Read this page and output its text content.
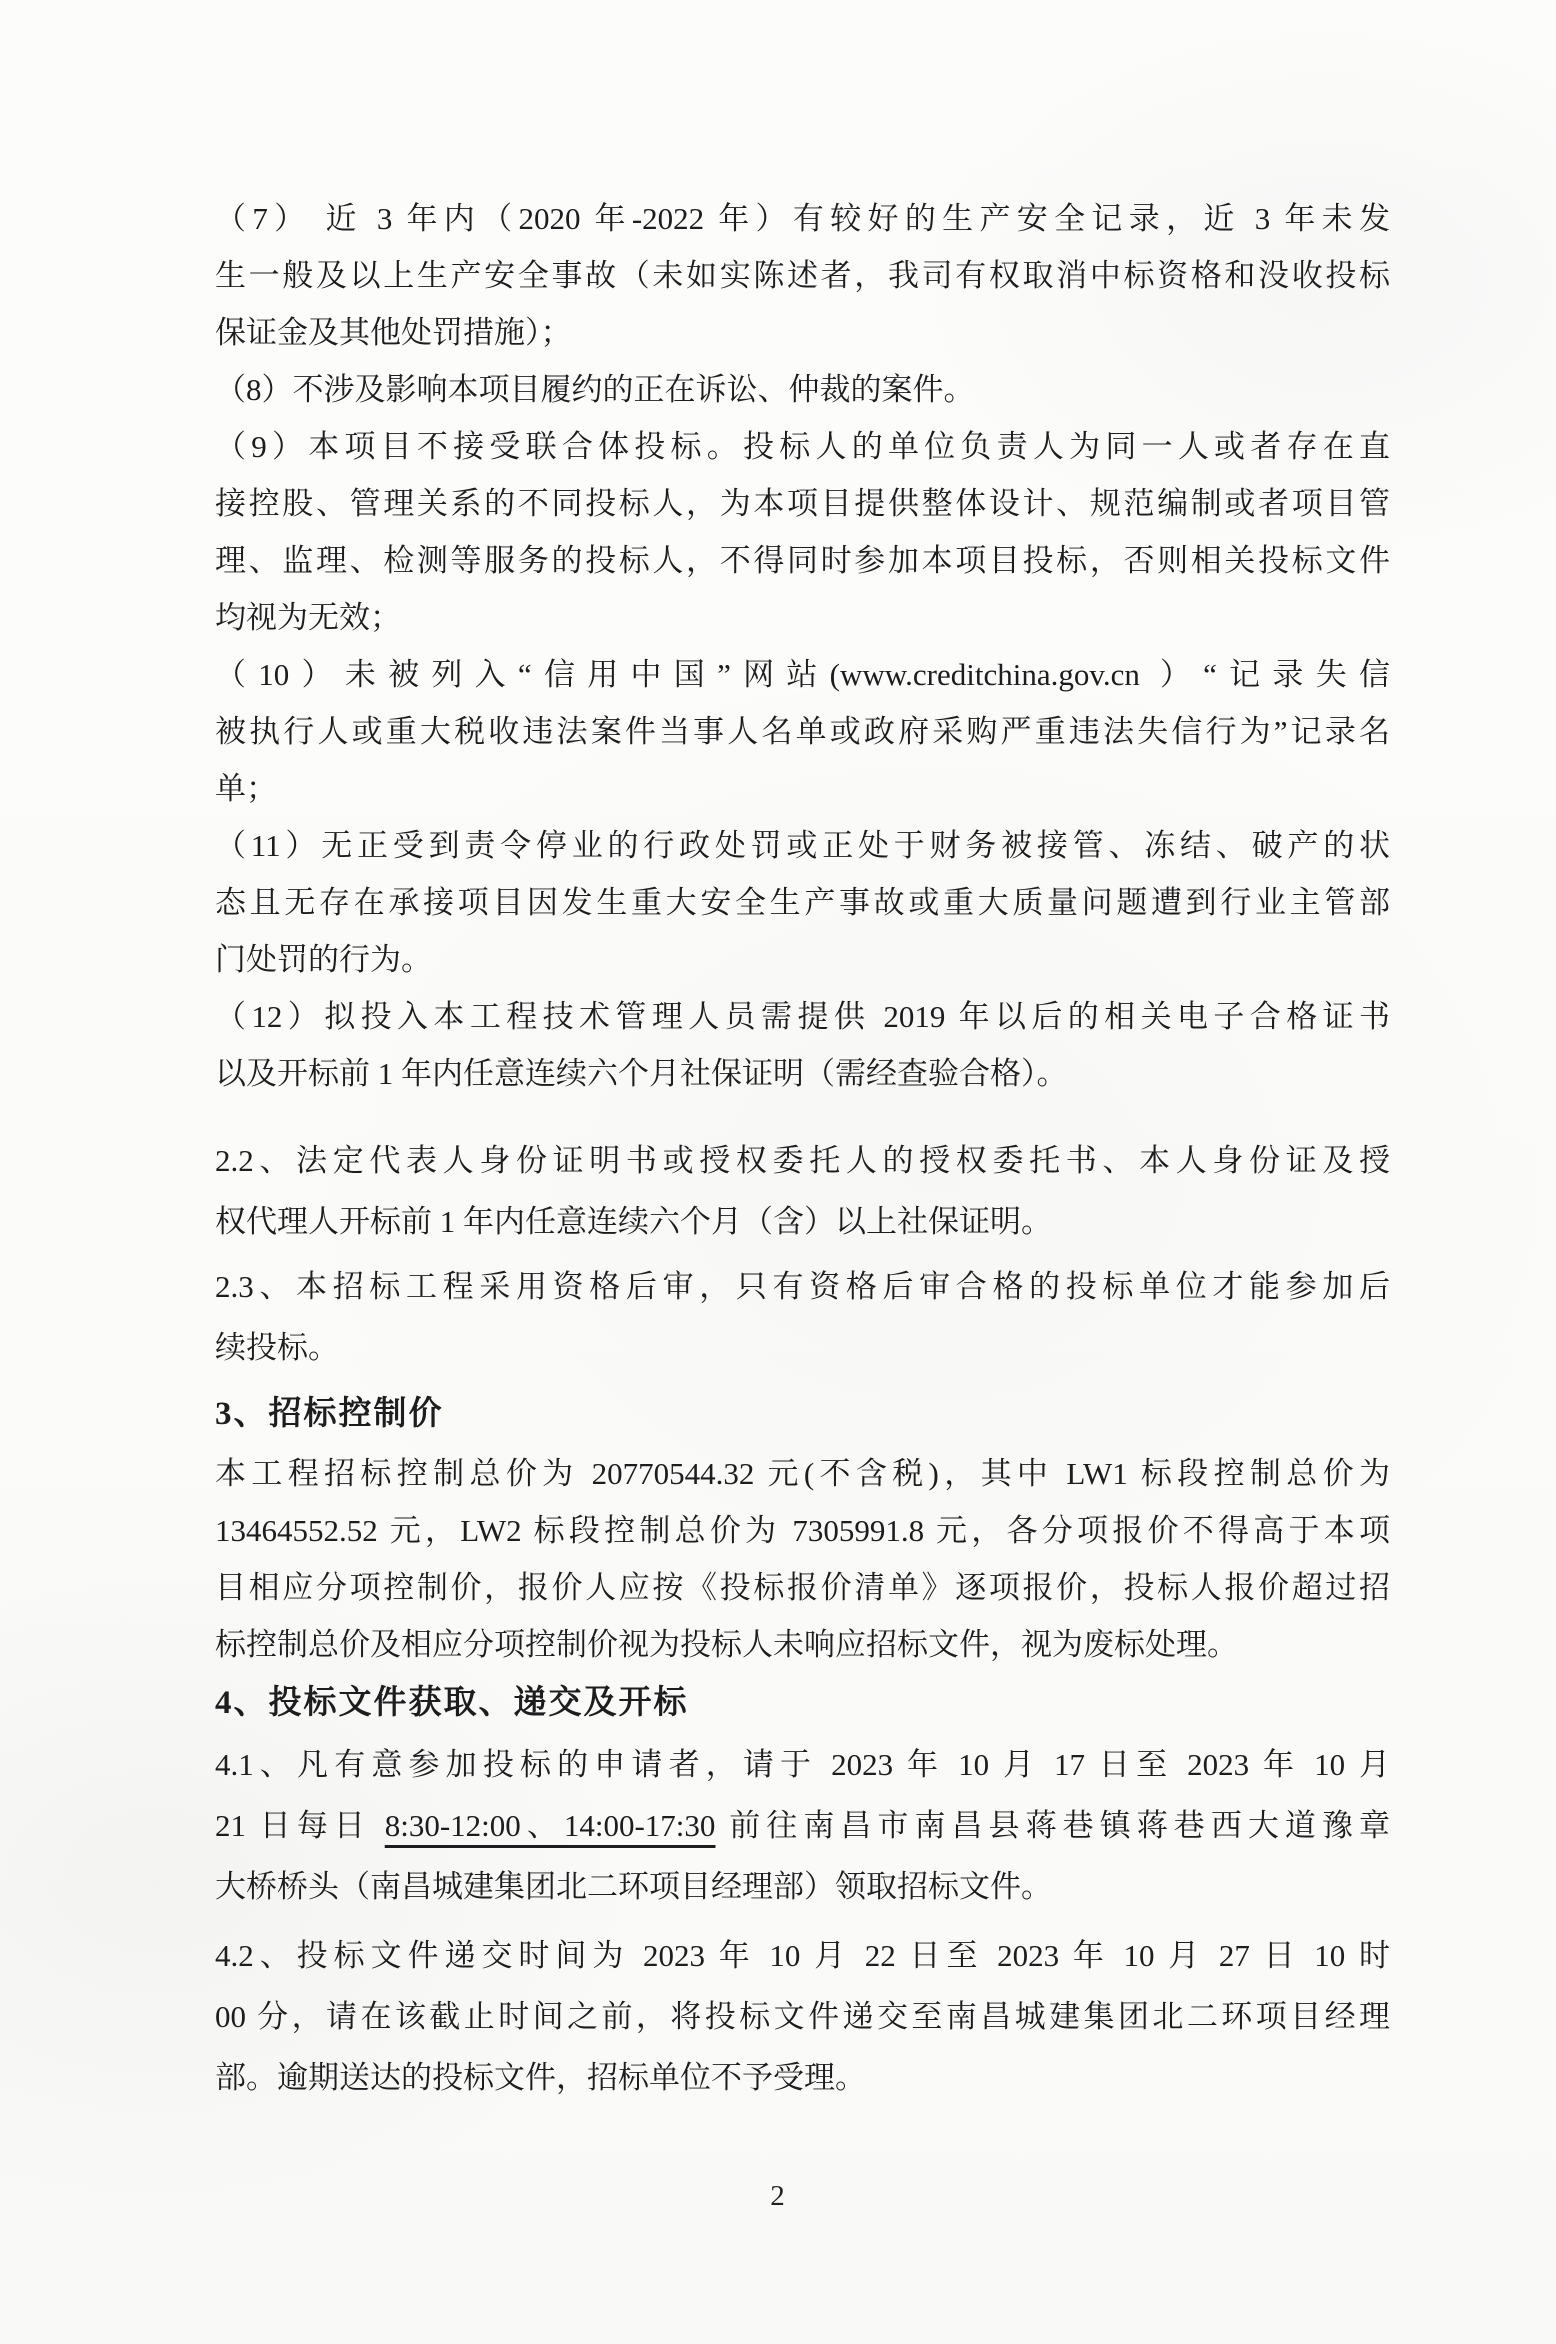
（7） 近 3 年内（2020 年-2022 年）有较好的生产安全记录，近 3 年未发
生一般及以上生产安全事故（未如实陈述者，我司有权取消中标资格和没收投标
保证金及其他处罚措施）；
（8）不涉及影响本项目履约的正在诉讼、仲裁的案件。
（9）本项目不接受联合体投标。投标人的单位负责人为同一人或者存在直
接控股、管理关系的不同投标人，为本项目提供整体设计、规范编制或者项目管
理、监理、检测等服务的投标人，不得同时参加本项目投标，否则相关投标文件
均视为无效；
（10）未被列入“信用中国”网站(www.creditchina.gov.cn ）“记录失信
被执行人或重大税收违法案件当事人名单或政府采购严重违法失信行为”记录名
单；
（11）无正受到责令停业的行政处罚或正处于财务被接管、冻结、破产的状
态且无存在承接项目因发生重大安全生产事故或重大质量问题遭到行业主管部
门处罚的行为。
（12）拟投入本工程技术管理人员需提供 2019 年以后的相关电子合格证书
以及开标前 1 年内任意连续六个月社保证明（需经查验合格）。
2.2、法定代表人身份证明书或授权委托人的授权委托书、本人身份证及授
权代理人开标前 1 年内任意连续六个月（含）以上社保证明。
2.3、本招标工程采用资格后审，只有资格后审合格的投标单位才能参加后
续投标。
3、招标控制价
本工程招标控制总价为 20770544.32 元(不含税)，其中 LW1 标段控制总价为
13464552.52 元，LW2 标段控制总价为 7305991.8 元，各分项报价不得高于本项
目相应分项控制价，报价人应按《投标报价清单》逐项报价，投标人报价超过招
标控制总价及相应分项控制价视为投标人未响应招标文件，视为废标处理。
4、投标文件获取、递交及开标
4.1、凡有意参加投标的申请者，请于 2023 年 10 月 17 日至 2023 年 10 月
21 日每日 8:30-12:00、14:00-17:30 前往南昌市南昌县蒋巷镇蒋巷西大道豫章
大桥桥头（南昌城建集团北二环项目经理部）领取招标文件。
4.2、投标文件递交时间为 2023 年 10 月 22 日至 2023 年 10 月 27 日 10 时
00 分，请在该截止时间之前，将投标文件递交至南昌城建集团北二环项目经理
部。逾期送达的投标文件，招标单位不予受理。
2
